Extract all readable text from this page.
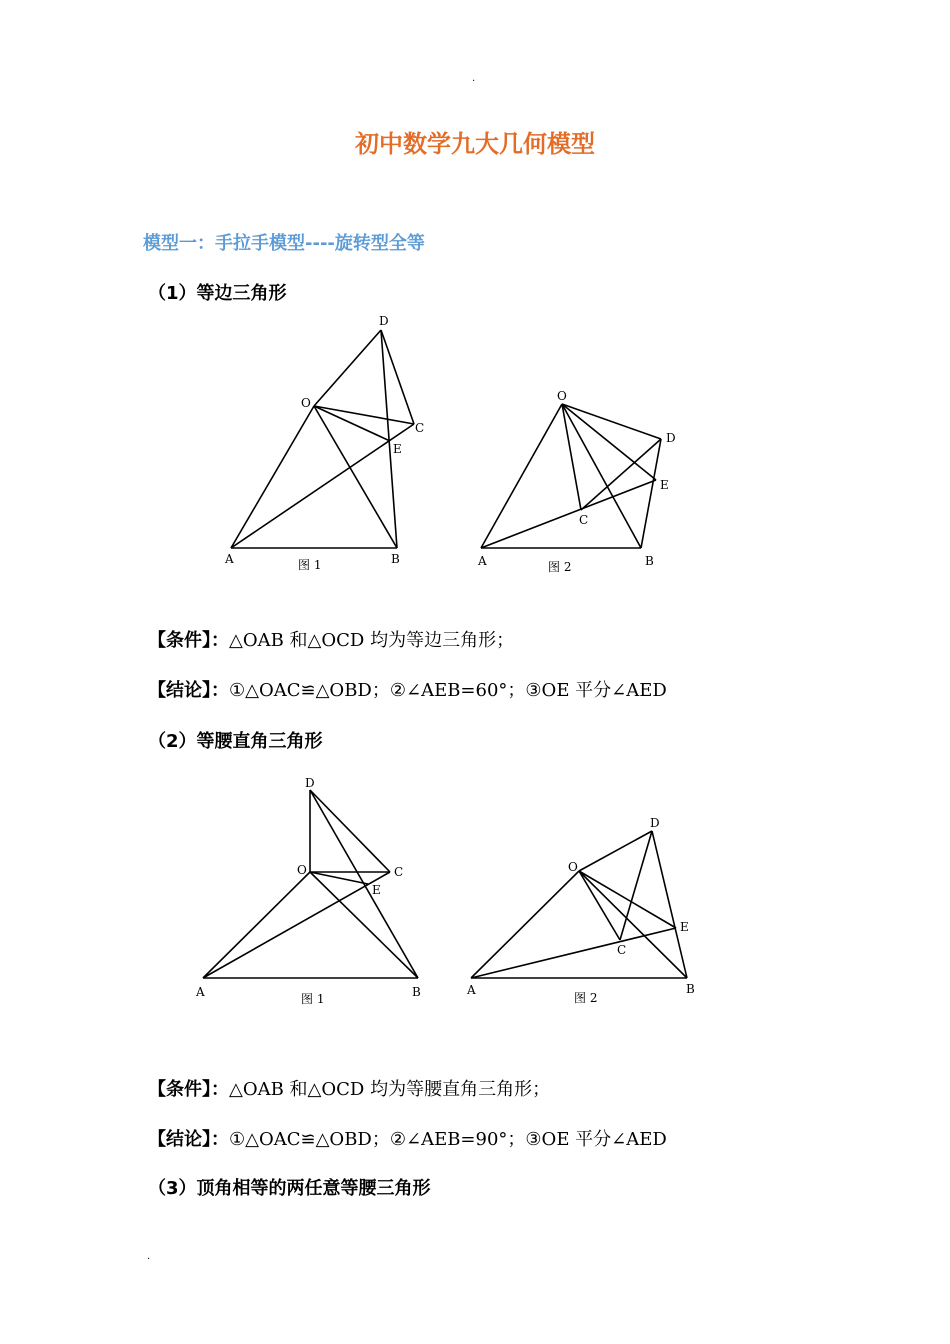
.
初中数学九大几何模型
模型一：手拉手模型----旋转型全等
（1）等边三角形
O
D
C
E
A	B
图 1
O
D
E
C
A	B
图 2
D
O	C
E
A	B
图 1
D
O
E
C
A	B
图 2
【条件】：△OAB 和△OCD 均为等边三角形；
【结论】：①△OAC≌△OBD；②∠AEB=60°；③OE 平分∠AED
（2）等腰直角三角形
【条件】：△OAB 和△OCD 均为等腰直角三角形；
【结论】：①△OAC≌△OBD；②∠AEB=90°；③OE 平分∠AED
（3）顶角相等的两任意等腰三角形
.
